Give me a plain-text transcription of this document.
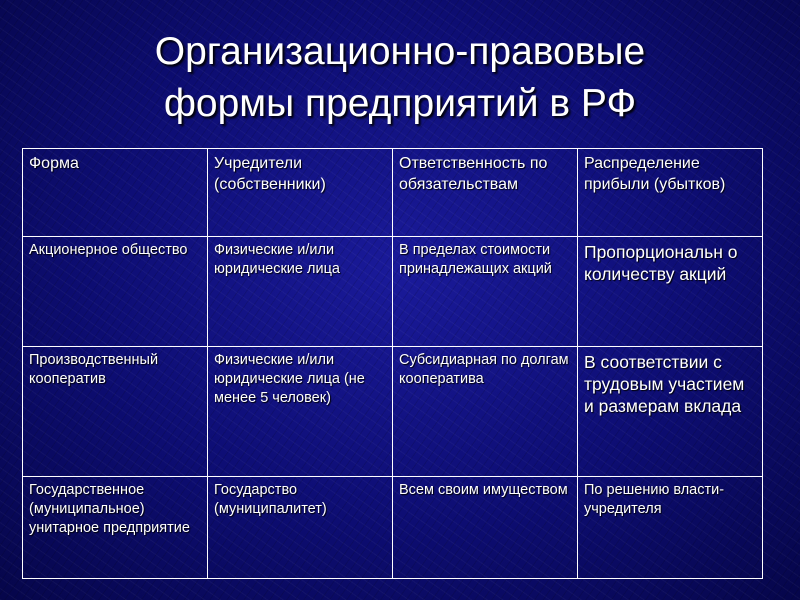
Организационно-правовые
формы предприятий в РФ
Форма	Учредители (собственники)	Ответственность по обязательствам	Распределение прибыли (убытков)
Акционерное общество	Физические и/или юридические лица	В пределах стоимости принадлежащих акций	Пропорциональн о количеству акций
Производственный кооператив	Физические и/или юридические лица (не менее 5 человек)	Субсидиарная по долгам кооператива	В соответствии с трудовым участием и размерам вклада
Государственное (муниципальное) унитарное предприятие	Государство (муниципалитет)	Всем своим имуществом	По решению власти-учредителя
